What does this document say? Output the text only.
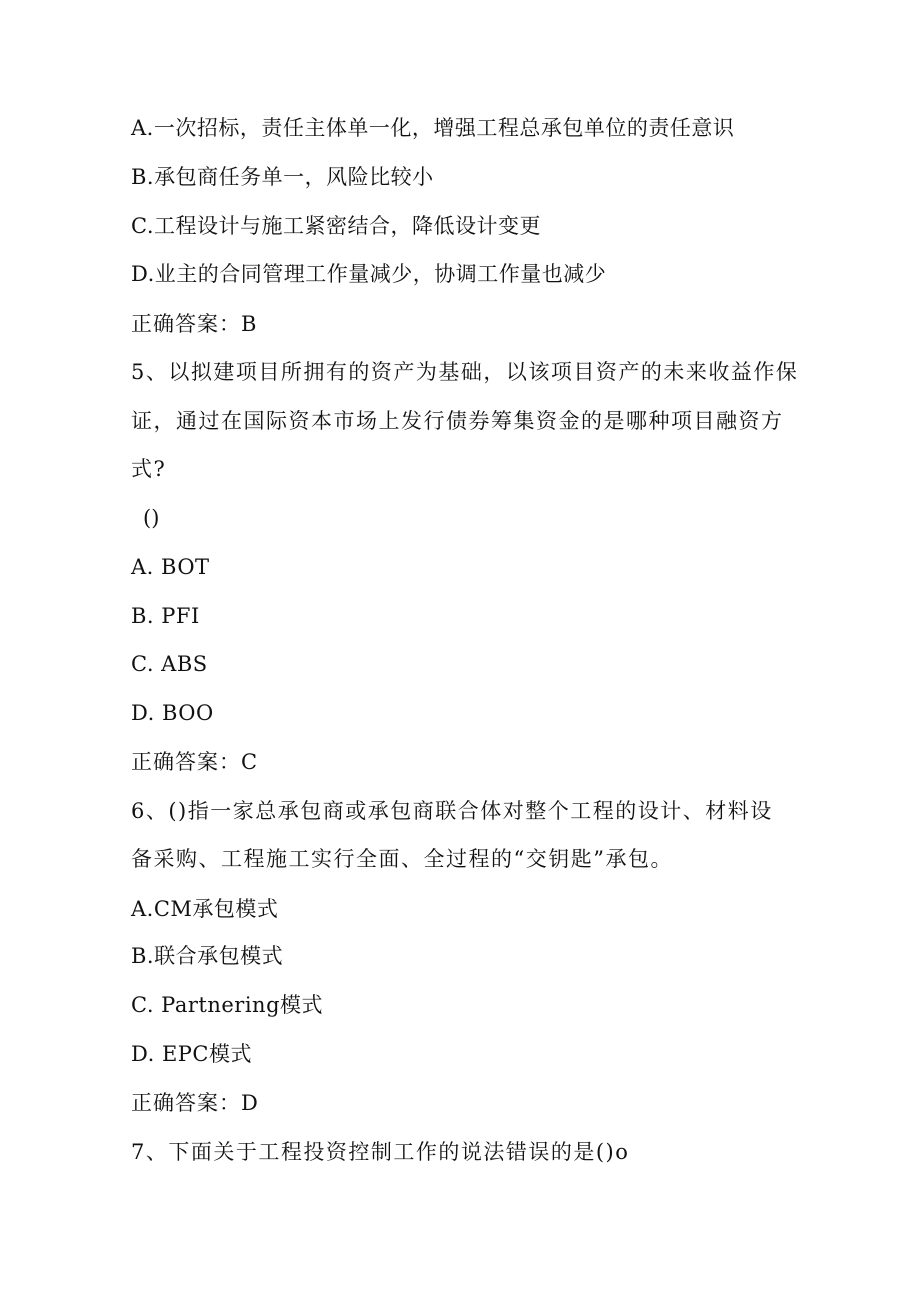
A.一次招标，责任主体单一化，增强工程总承包单位的责任意识
B.承包商任务单一，风险比较小
C.工程设计与施工紧密结合，降低设计变更
D.业主的合同管理工作量减少，协调工作量也减少
正确答案：B
5、以拟建项目所拥有的资产为基础，以该项目资产的未来收益作保
证，通过在国际资本市场上发行债券筹集资金的是哪种项目融资方
式?
()
A. BOT
B. PFI
C. ABS
D. BOO
正确答案：C
6、()指一家总承包商或承包商联合体对整个工程的设计、材料设
备采购、工程施工实行全面、全过程的“交钥匙”承包。
A.CM承包模式
B.联合承包模式
C. Partnering模式
D. EPC模式
正确答案：D
7、下面关于工程投资控制工作的说法错误的是()o
